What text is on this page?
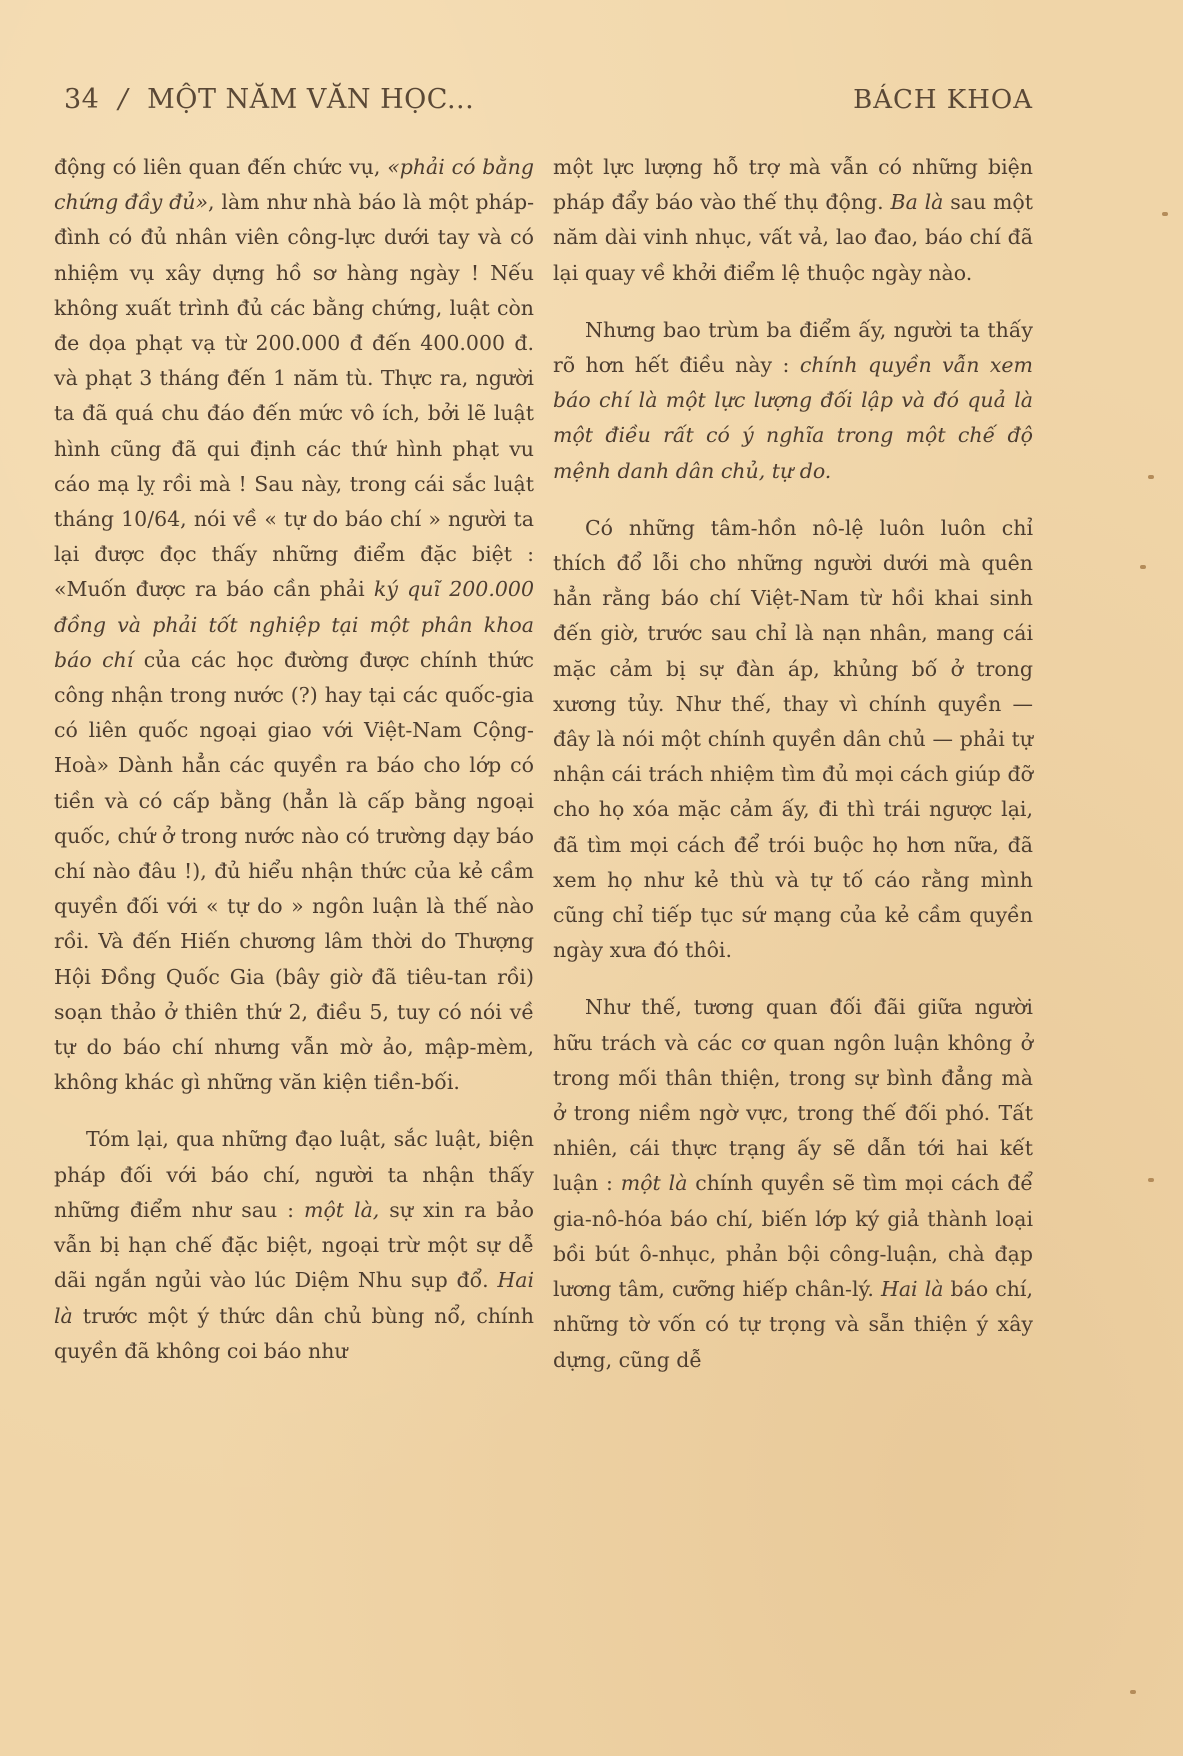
34 / MỘT NĂM VĂN HỌC...	BÁCH KHOA

động có liên quan đến chức vụ, «phải có bằng chứng đầy đủ», làm như nhà báo là một pháp-đình có đủ nhân viên công-lực dưới tay và có nhiệm vụ xây dựng hồ sơ hàng ngày ! Nếu không xuất trình đủ các bằng chứng, luật còn đe dọa phạt vạ từ 200.000 đ đến 400.000 đ. và phạt 3 tháng đến 1 năm tù. Thực ra, người ta đã quá chu đáo đến mức vô ích, bởi lẽ luật hình cũng đã qui định các thứ hình phạt vu cáo mạ lỵ rồi mà ! Sau này, trong cái sắc luật tháng 10/64, nói về « tự do báo chí » người ta lại được đọc thấy những điểm đặc biệt : «Muốn được ra báo cần phải ký quĩ 200.000 đồng và phải tốt nghiệp tại một phân khoa báo chí của các học đường được chính thức công nhận trong nước (?) hay tại các quốc-gia có liên quốc ngoại giao với Việt-Nam Cộng-Hoà» Dành hẳn các quyền ra báo cho lớp có tiền và có cấp bằng (hẳn là cấp bằng ngoại quốc, chứ ở trong nước nào có trường dạy báo chí nào đâu !), đủ hiểu nhận thức của kẻ cầm quyền đối với « tự do » ngôn luận là thế nào rồi. Và đến Hiến chương lâm thời do Thượng Hội Đồng Quốc Gia (bây giờ đã tiêu-tan rồi) soạn thảo ở thiên thứ 2, điều 5, tuy có nói về tự do báo chí nhưng vẫn mờ ảo, mập-mèm, không khác gì những văn kiện tiền-bối.

Tóm lại, qua những đạo luật, sắc luật, biện pháp đối với báo chí, người ta nhận thấy những điểm như sau : một là, sự xin ra bảo vẫn bị hạn chế đặc biệt, ngoại trừ một sự dễ dãi ngắn ngủi vào lúc Diệm Nhu sụp đổ. Hai là trước một ý thức dân chủ bùng nổ, chính quyền đã không coi báo như

một lực lượng hỗ trợ mà vẫn có những biện pháp đẩy báo vào thế thụ động. Ba là sau một năm dài vinh nhục, vất vả, lao đao, báo chí đã lại quay về khởi điểm lệ thuộc ngày nào.

Nhưng bao trùm ba điểm ấy, người ta thấy rõ hơn hết điều này : chính quyền vẫn xem báo chí là một lực lượng đối lập và đó quả là một điều rất có ý nghĩa trong một chế độ mệnh danh dân chủ, tự do.

Có những tâm-hồn nô-lệ luôn luôn chỉ thích đổ lỗi cho những người dưới mà quên hẳn rằng báo chí Việt-Nam từ hồi khai sinh đến giờ, trước sau chỉ là nạn nhân, mang cái mặc cảm bị sự đàn áp, khủng bố ở trong xương tủy. Như thế, thay vì chính quyền — đây là nói một chính quyền dân chủ — phải tự nhận cái trách nhiệm tìm đủ mọi cách giúp đỡ cho họ xóa mặc cảm ấy, đi thì trái ngược lại, đã tìm mọi cách để trói buộc họ hơn nữa, đã xem họ như kẻ thù và tự tố cáo rằng mình cũng chỉ tiếp tục sứ mạng của kẻ cầm quyền ngày xưa đó thôi.

Như thế, tương quan đối đãi giữa người hữu trách và các cơ quan ngôn luận không ở trong mối thân thiện, trong sự bình đẳng mà ở trong niềm ngờ vực, trong thế đối phó. Tất nhiên, cái thực trạng ấy sẽ dẫn tới hai kết luận : một là chính quyền sẽ tìm mọi cách để gia-nô-hóa báo chí, biến lớp ký giả thành loại bồi bút ô-nhục, phản bội công-luận, chà đạp lương tâm, cưỡng hiếp chân-lý. Hai là báo chí, những tờ vốn có tự trọng và sẵn thiện ý xây dựng, cũng dễ
